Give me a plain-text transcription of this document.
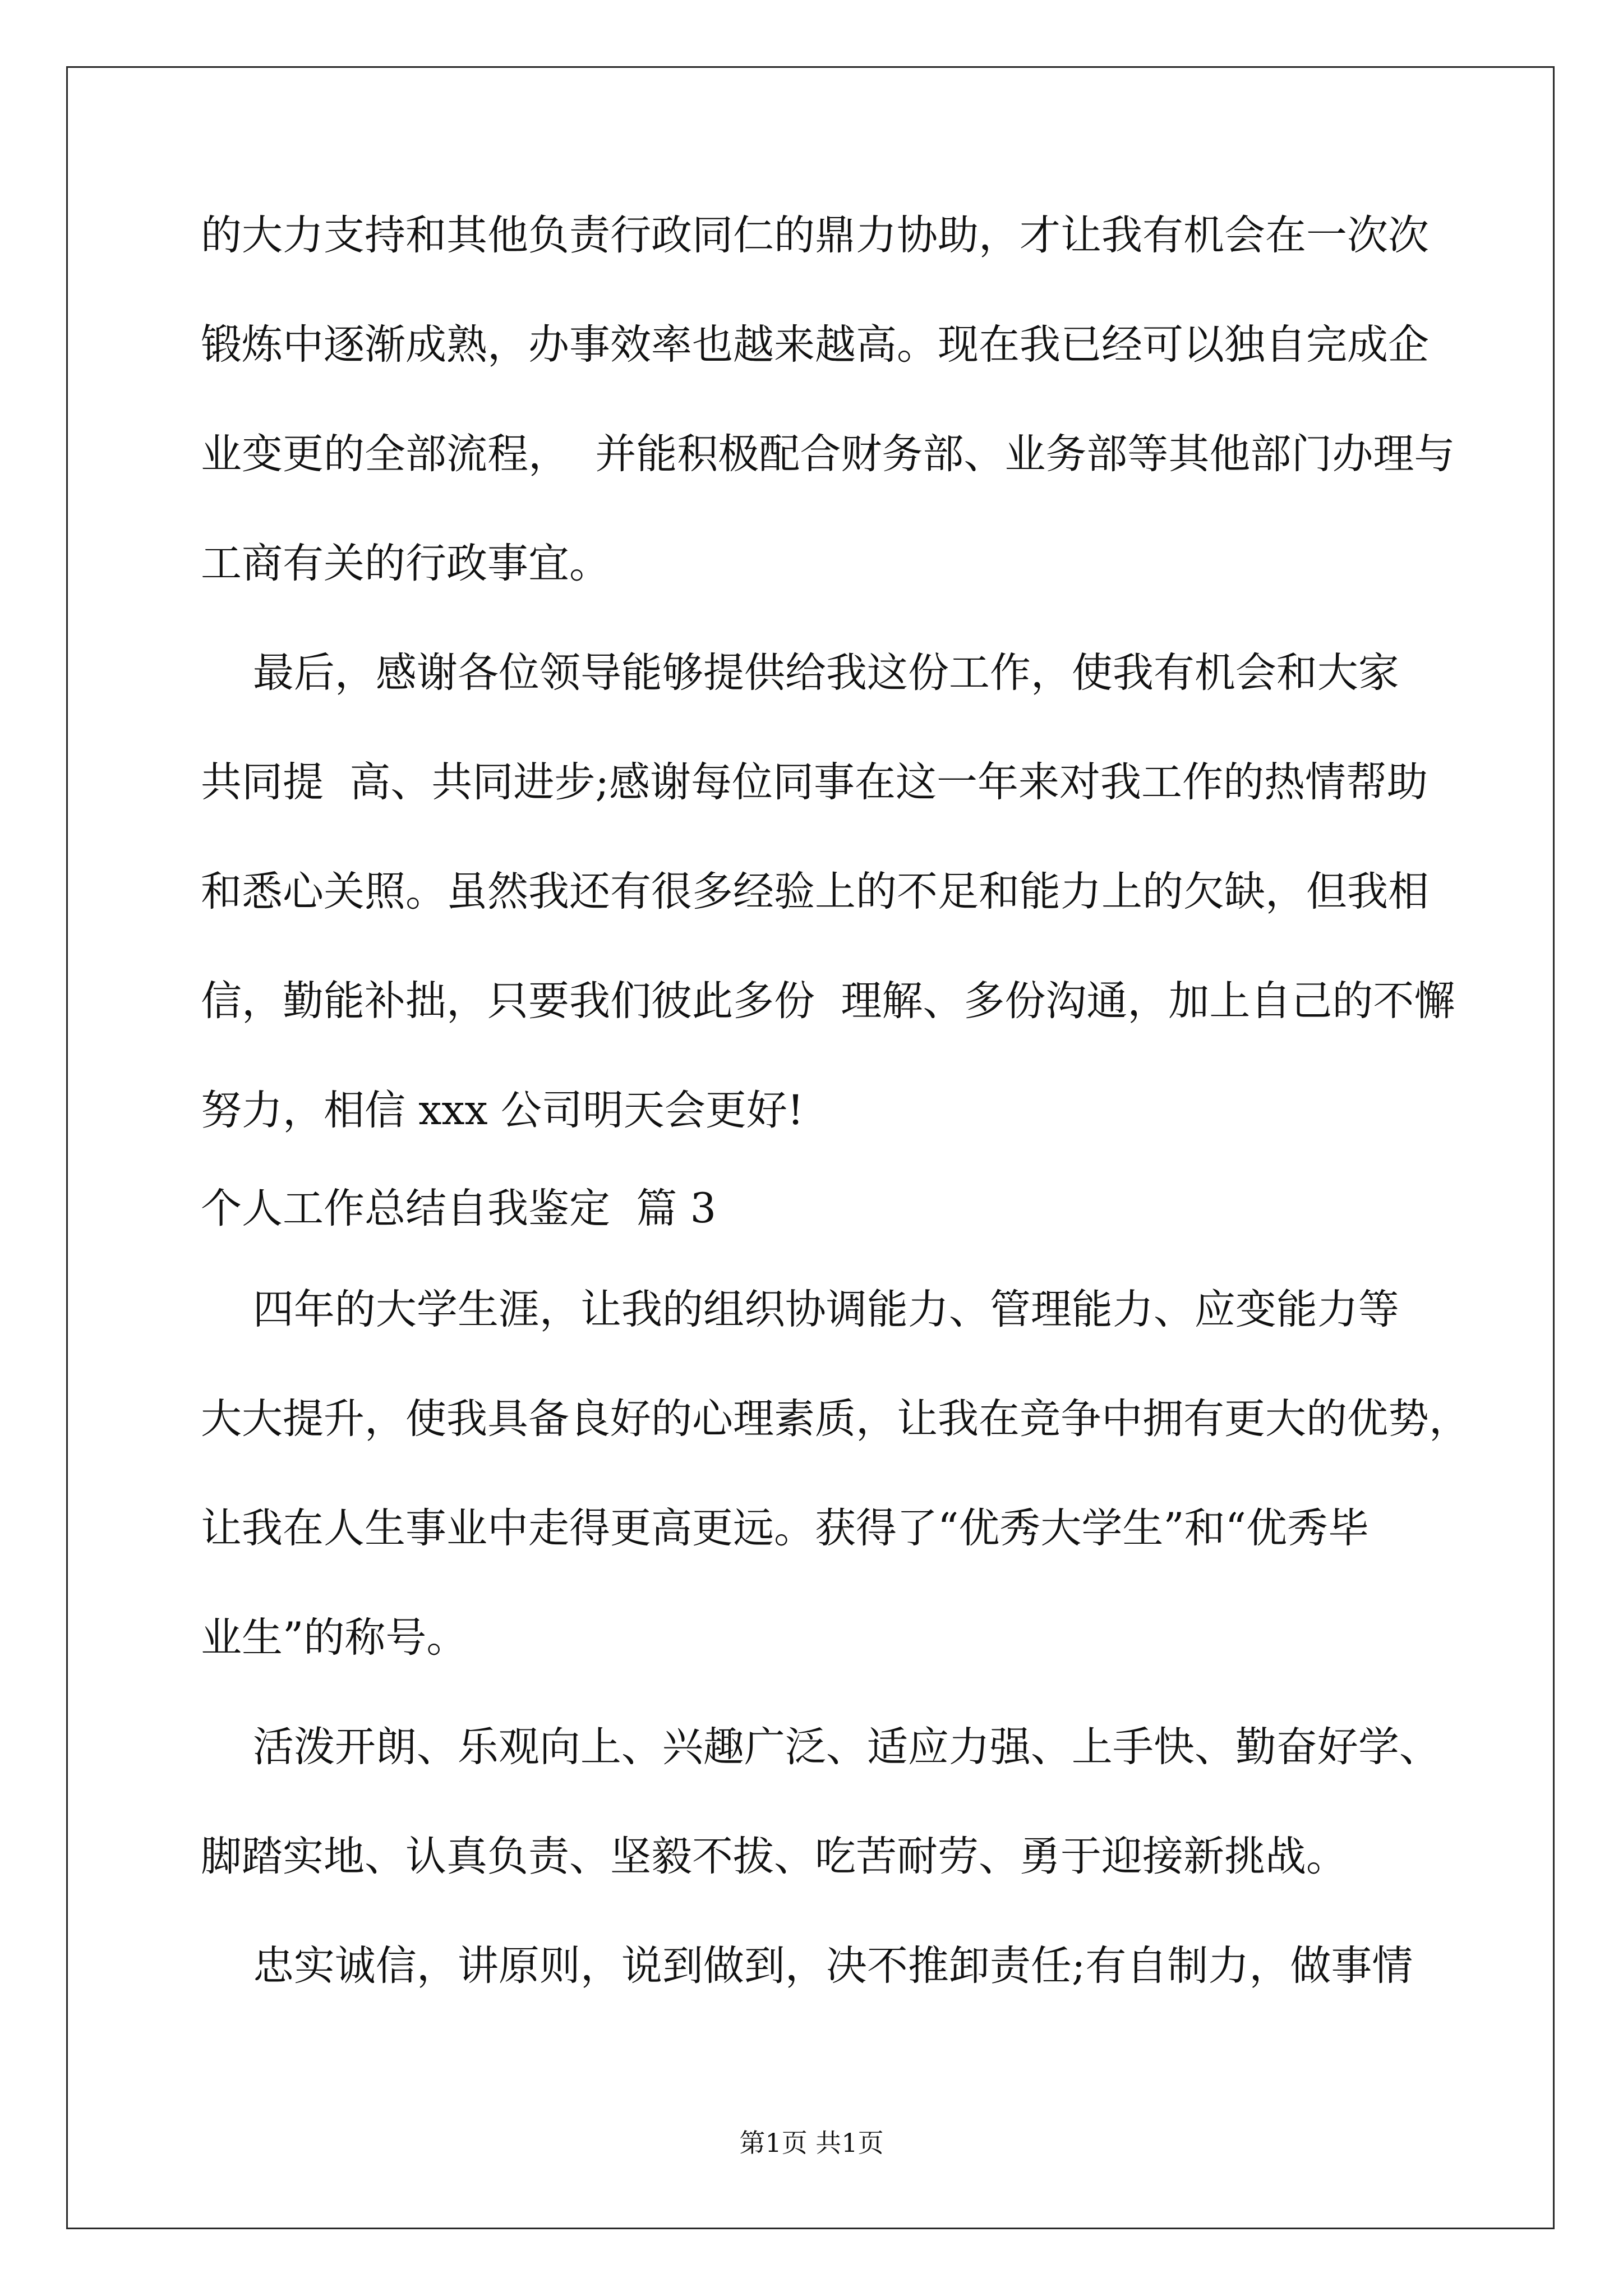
的大力支持和其他负责行政同仁的鼎力协助，才让我有机会在一次次
锻炼中逐渐成熟，办事效率也越来越高。现在我已经可以独自完成企
业变更的全部流程，  并能积极配合财务部、业务部等其他部门办理与
工商有关的行政事宜。
最后，感谢各位领导能够提供给我这份工作，使我有机会和大家
共同提  高、共同进步;感谢每位同事在这一年来对我工作的热情帮助
和悉心关照。虽然我还有很多经验上的不足和能力上的欠缺，但我相
信，勤能补拙，只要我们彼此多份  理解、多份沟通，加上自己的不懈
努力，相信 xxx 公司明天会更好!
个人工作总结自我鉴定  篇 3
四年的大学生涯，让我的组织协调能力、管理能力、应变能力等
大大提升，使我具备良好的心理素质，让我在竞争中拥有更大的优势，
让我在人生事业中走得更高更远。获得了“优秀大学生”和“优秀毕
业生”的称号。
活泼开朗、乐观向上、兴趣广泛、适应力强、上手快、勤奋好学、
脚踏实地、认真负责、坚毅不拔、吃苦耐劳、勇于迎接新挑战。
忠实诚信，讲原则，说到做到，决不推卸责任;有自制力，做事情
第1页 共1页
